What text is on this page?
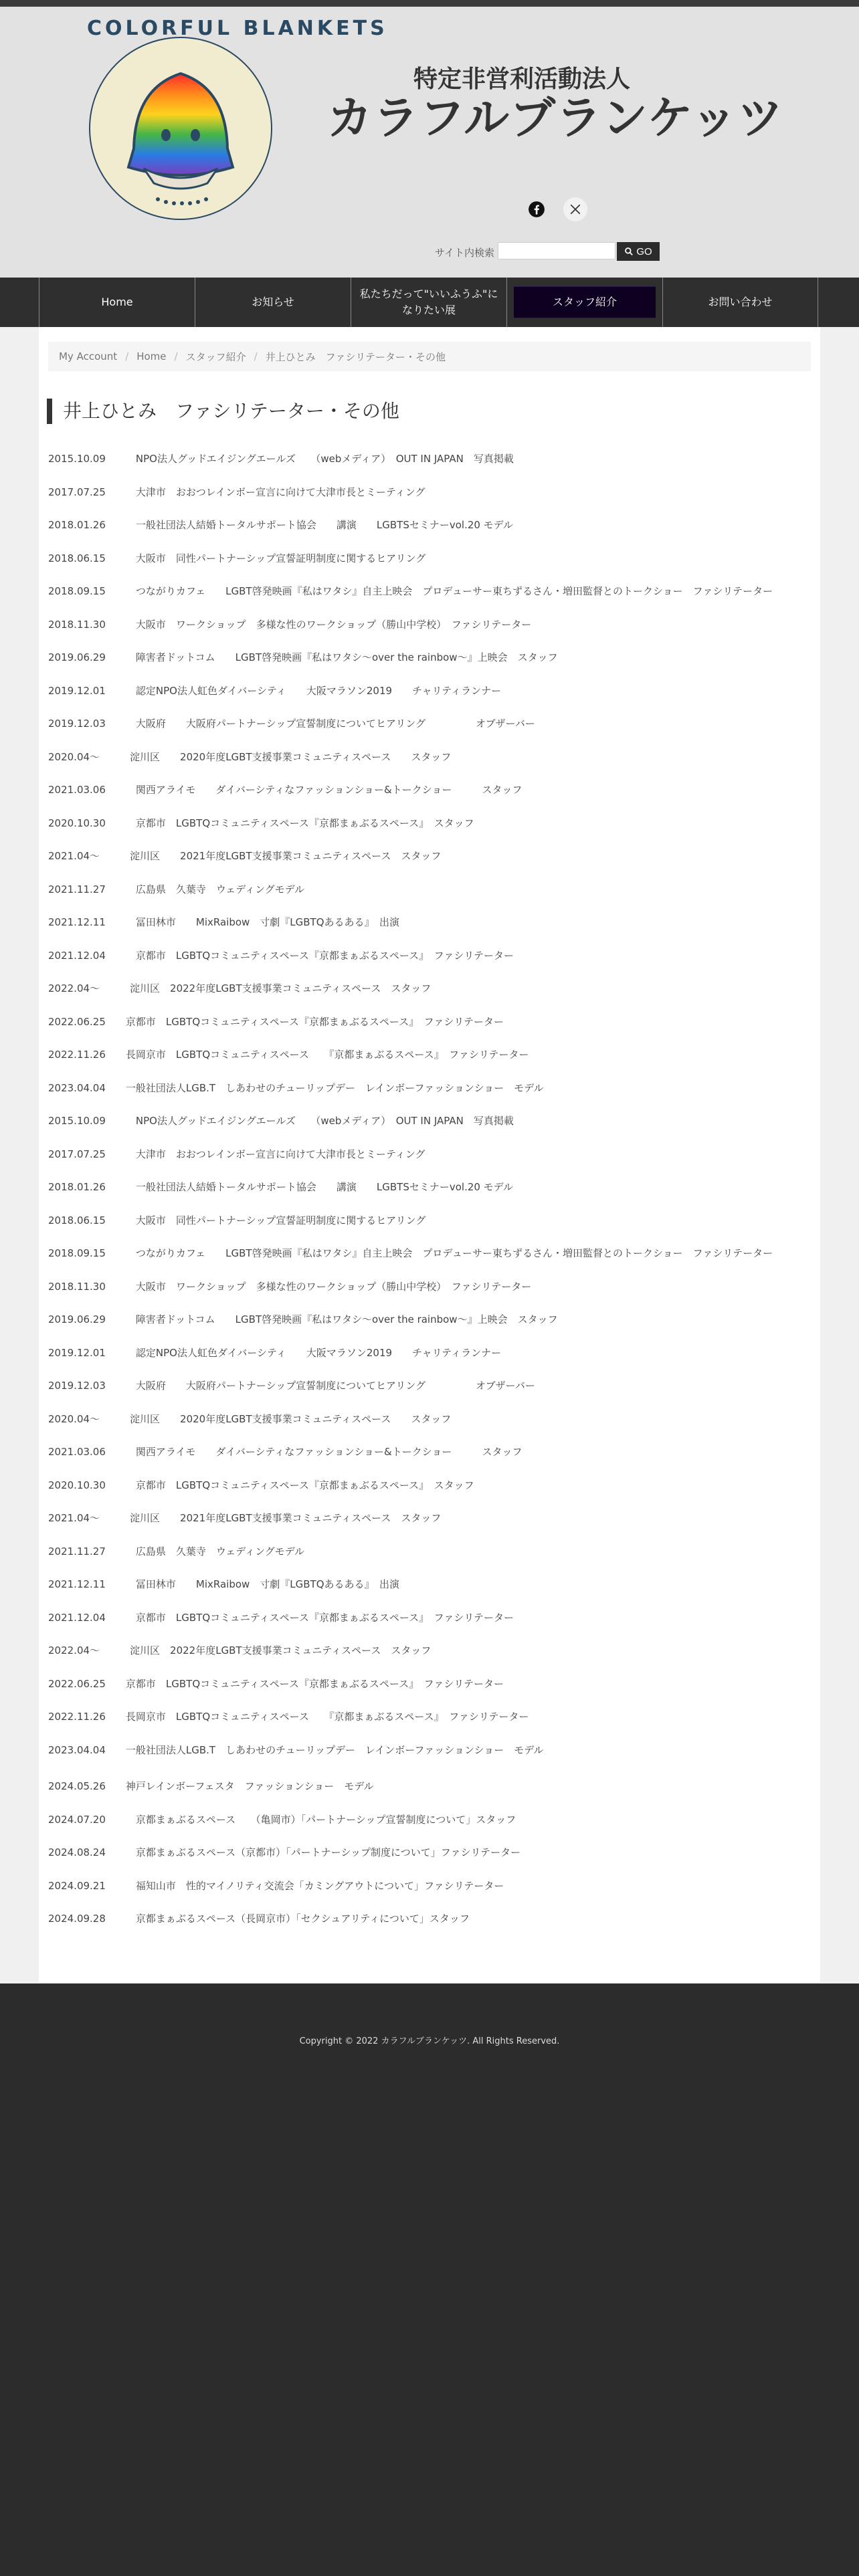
COLORFUL BLANKETS
特定非営利活動法人
カラフルブランケッツ
サイト内検索	GO
Home	お知らせ
私たちだって"いいふうふ"になりたい展
スタッフ紹介	お問い合わせ
My Account / Home / スタッフ紹介 / 井上ひとみ　ファシリテーター・その他
井上ひとみ　ファシリテーター・その他
2015.10.09　　　NPO法人グッドエイジングエールズ　　（webメディア）　OUT IN JAPAN　写真掲載
2017.07.25　　　大津市　おおつレインボー宣言に向けて大津市長とミーティング
2018.01.26　　　一般社団法人結婚トータルサポート協会　　講演　　LGBTSセミナーvol.20 モデル
2018.06.15　　　大阪市　同性パートナーシップ宣誓証明制度に関するヒアリング
2018.09.15　　　つながりカフェ　　LGBT啓発映画『私はワタシ』自主上映会　プロデューサー東ちずるさん・増田監督とのトークショー　ファシリテーター
2018.11.30　　　大阪市　ワークショップ　多様な性のワークショップ（勝山中学校）　ファシリテーター
2019.06.29　　　障害者ドットコム　　LGBT啓発映画『私はワタシ〜over the rainbow〜』上映会　スタッフ
2019.12.01　　　認定NPO法人虹色ダイバーシティ　　大阪マラソン2019　　チャリティランナー
2019.12.03　　　大阪府　　大阪府パートナーシップ宣誓制度についてヒアリング　　　　　オブザーバー
2020.04〜　　　淀川区　　2020年度LGBT支援事業コミュニティスペース　　スタッフ
2021.03.06　　　関西アライモ　　ダイバーシティなファッションショー&トークショー　　　スタッフ
2020.10.30　　　京都市　LGBTQコミュニティスペース『京都まぁぶるスペース』　スタッフ
2021.04〜　　　淀川区　　2021年度LGBT支援事業コミュニティスペース　スタッフ
2021.11.27　　　広島県　久葉寺　ウェディングモデル
2021.12.11　　　冨田林市　　MixRaibow　寸劇『LGBTQあるある』　出演
2021.12.04　　　京都市　LGBTQコミュニティスペース『京都まぁぶるスペース』　ファシリテーター
2022.04〜　　　淀川区　2022年度LGBT支援事業コミュニティスペース　スタッフ
2022.06.25　　京都市　LGBTQコミュニティスペース『京都まぁぶるスペース』　ファシリテーター
2022.11.26　　長岡京市　LGBTQコミュニティスペース　　『京都まぁぶるスペース』　ファシリテーター
2023.04.04　　一般社団法人LGB.T　しあわせのチューリップデー　レインボーファッションショー　モデル
2015.10.09　　　NPO法人グッドエイジングエールズ　　（webメディア）　OUT IN JAPAN　写真掲載
2017.07.25　　　大津市　おおつレインボー宣言に向けて大津市長とミーティング
2018.01.26　　　一般社団法人結婚トータルサポート協会　　講演　　LGBTSセミナーvol.20 モデル
2018.06.15　　　大阪市　同性パートナーシップ宣誓証明制度に関するヒアリング
2018.09.15　　　つながりカフェ　　LGBT啓発映画『私はワタシ』自主上映会　プロデューサー東ちずるさん・増田監督とのトークショー　ファシリテーター
2018.11.30　　　大阪市　ワークショップ　多様な性のワークショップ（勝山中学校）　ファシリテーター
2019.06.29　　　障害者ドットコム　　LGBT啓発映画『私はワタシ〜over the rainbow〜』上映会　スタッフ
2019.12.01　　　認定NPO法人虹色ダイバーシティ　　大阪マラソン2019　　チャリティランナー
2019.12.03　　　大阪府　　大阪府パートナーシップ宣誓制度についてヒアリング　　　　　オブザーバー
2020.04〜　　　淀川区　　2020年度LGBT支援事業コミュニティスペース　　スタッフ
2021.03.06　　　関西アライモ　　ダイバーシティなファッションショー&トークショー　　　スタッフ
2020.10.30　　　京都市　LGBTQコミュニティスペース『京都まぁぶるスペース』　スタッフ
2021.04〜　　　淀川区　　2021年度LGBT支援事業コミュニティスペース　スタッフ
2021.11.27　　　広島県　久葉寺　ウェディングモデル
2021.12.11　　　冨田林市　　MixRaibow　寸劇『LGBTQあるある』　出演
2021.12.04　　　京都市　LGBTQコミュニティスペース『京都まぁぶるスペース』　ファシリテーター
2022.04〜　　　淀川区　2022年度LGBT支援事業コミュニティスペース　スタッフ
2022.06.25　　京都市　LGBTQコミュニティスペース『京都まぁぶるスペース』　ファシリテーター
2022.11.26　　長岡京市　LGBTQコミュニティスペース　　『京都まぁぶるスペース』　ファシリテーター
2023.04.04　　一般社団法人LGB.T　しあわせのチューリップデー　レインボーファッションショー　モデル
2024.05.26　　神戸レインボーフェスタ　ファッションショー　モデル
2024.07.20　　　京都まぁぶるスペース　　（亀岡市）「パートナーシップ宣誓制度について」スタッフ
2024.08.24　　　京都まぁぶるスペース（京都市）「パートナーシップ制度について」ファシリテーター
2024.09.21　　　福知山市　性的マイノリティ交流会「カミングアウトについて」ファシリテーター
2024.09.28　　　京都まぁぶるスペース（長岡京市）「セクシュアリティについて」スタッフ
Copyright © 2022 カラフルブランケッツ. All Rights Reserved.
